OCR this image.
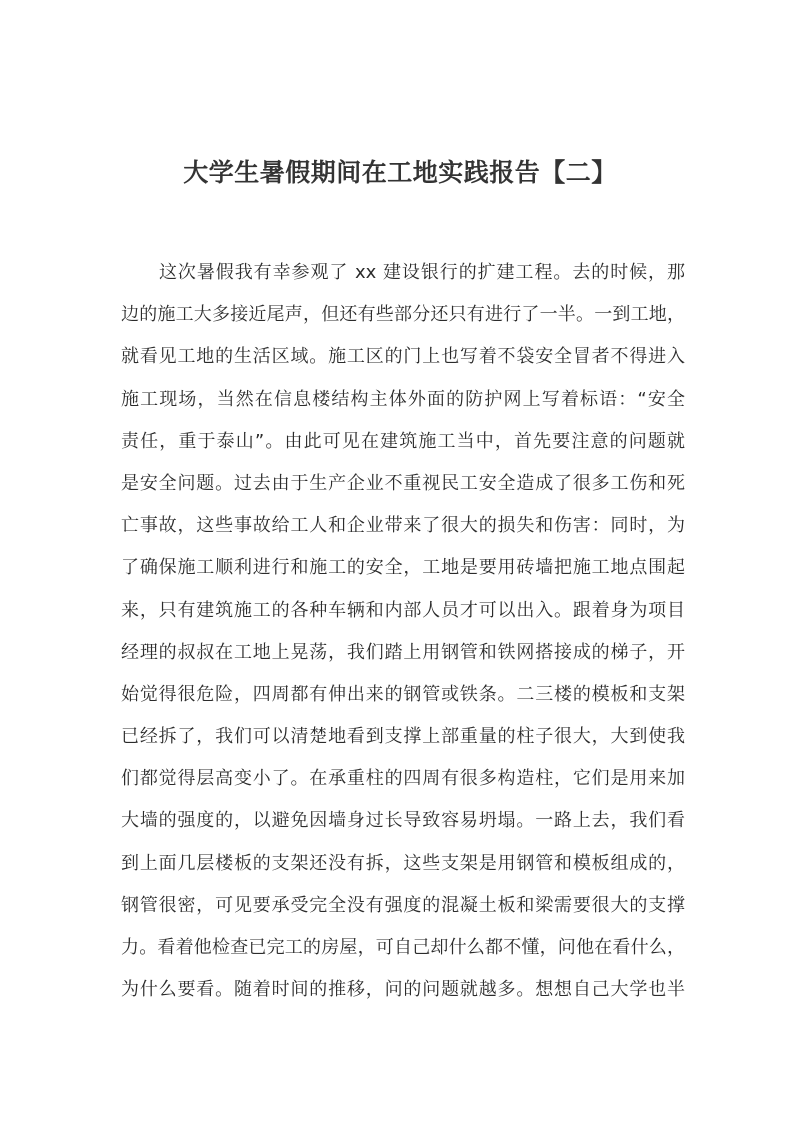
大学生暑假期间在工地实践报告【二】
这次暑假我有幸参观了 xx 建设银行的扩建工程。去的时候，那
边的施工大多接近尾声，但还有些部分还只有进行了一半。一到工地，
就看见工地的生活区域。施工区的门上也写着不袋安全冒者不得进入
施工现场，当然在信息楼结构主体外面的防护网上写着标语：“安全
责任，重于泰山”。由此可见在建筑施工当中，首先要注意的问题就
是安全问题。过去由于生产企业不重视民工安全造成了很多工伤和死
亡事故，这些事故给工人和企业带来了很大的损失和伤害：同时，为
了确保施工顺利进行和施工的安全，工地是要用砖墙把施工地点围起
来，只有建筑施工的各种车辆和内部人员才可以出入。跟着身为项目
经理的叔叔在工地上晃荡，我们踏上用钢管和铁网搭接成的梯子，开
始觉得很危险，四周都有伸出来的钢管或铁条。二三楼的模板和支架
已经拆了，我们可以清楚地看到支撑上部重量的柱子很大，大到使我
们都觉得层高变小了。在承重柱的四周有很多构造柱，它们是用来加
大墙的强度的，以避免因墙身过长导致容易坍塌。一路上去，我们看
到上面几层楼板的支架还没有拆，这些支架是用钢管和模板组成的，
钢管很密，可见要承受完全没有强度的混凝土板和梁需要很大的支撑
力。看着他检查已完工的房屋，可自己却什么都不懂，问他在看什么，
为什么要看。随着时间的推移，问的问题就越多。想想自己大学也半
